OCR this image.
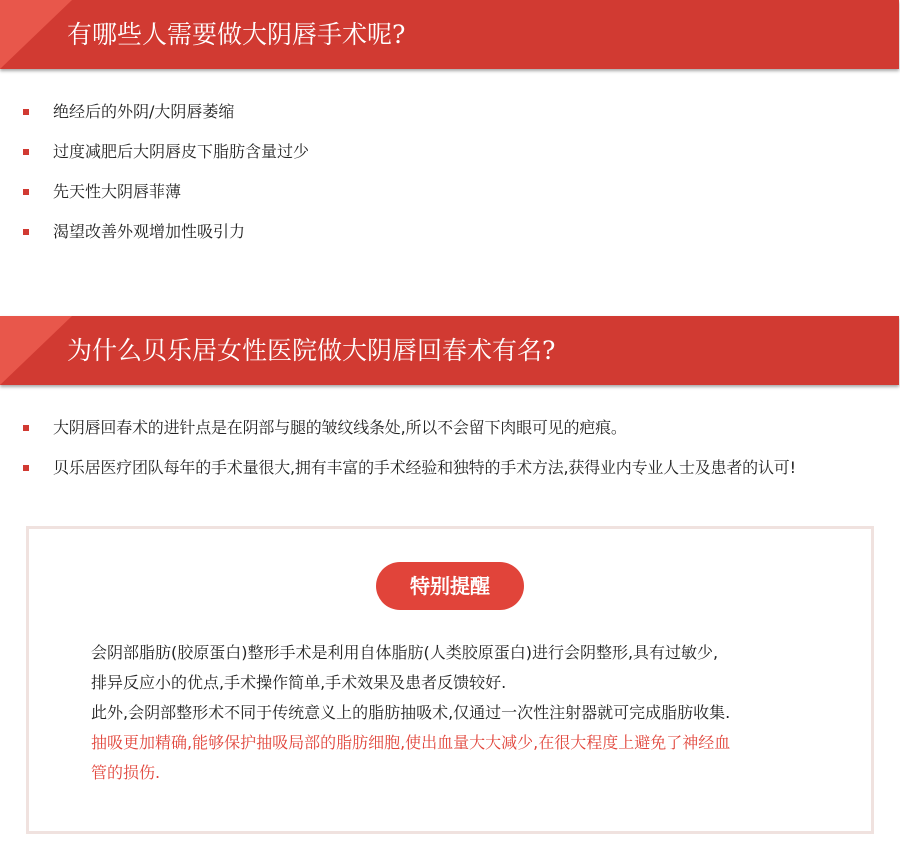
有哪些人需要做大阴唇手术呢?
绝经后的外阴/大阴唇萎缩
过度减肥后大阴唇皮下脂肪含量过少
先天性大阴唇菲薄
渴望改善外观增加性吸引力
为什么贝乐居女性医院做大阴唇回春术有名?
大阴唇回春术的进针点是在阴部与腿的皱纹线条处,所以不会留下肉眼可见的疤痕。
贝乐居医疗团队每年的手术量很大,拥有丰富的手术经验和独特的手术方法,获得业内专业人士及患者的认可!
特别提醒
会阴部脂肪(胶原蛋白)整形手术是利用自体脂肪(人类胶原蛋白)进行会阴整形,具有过敏少,
排异反应小的优点,手术操作简单,手术效果及患者反馈较好.
此外,会阴部整形术不同于传统意义上的脂肪抽吸术,仅通过一次性注射器就可完成脂肪收集.
抽吸更加精确,能够保护抽吸局部的脂肪细胞,使出血量大大减少,在很大程度上避免了神经血
管的损伤.
